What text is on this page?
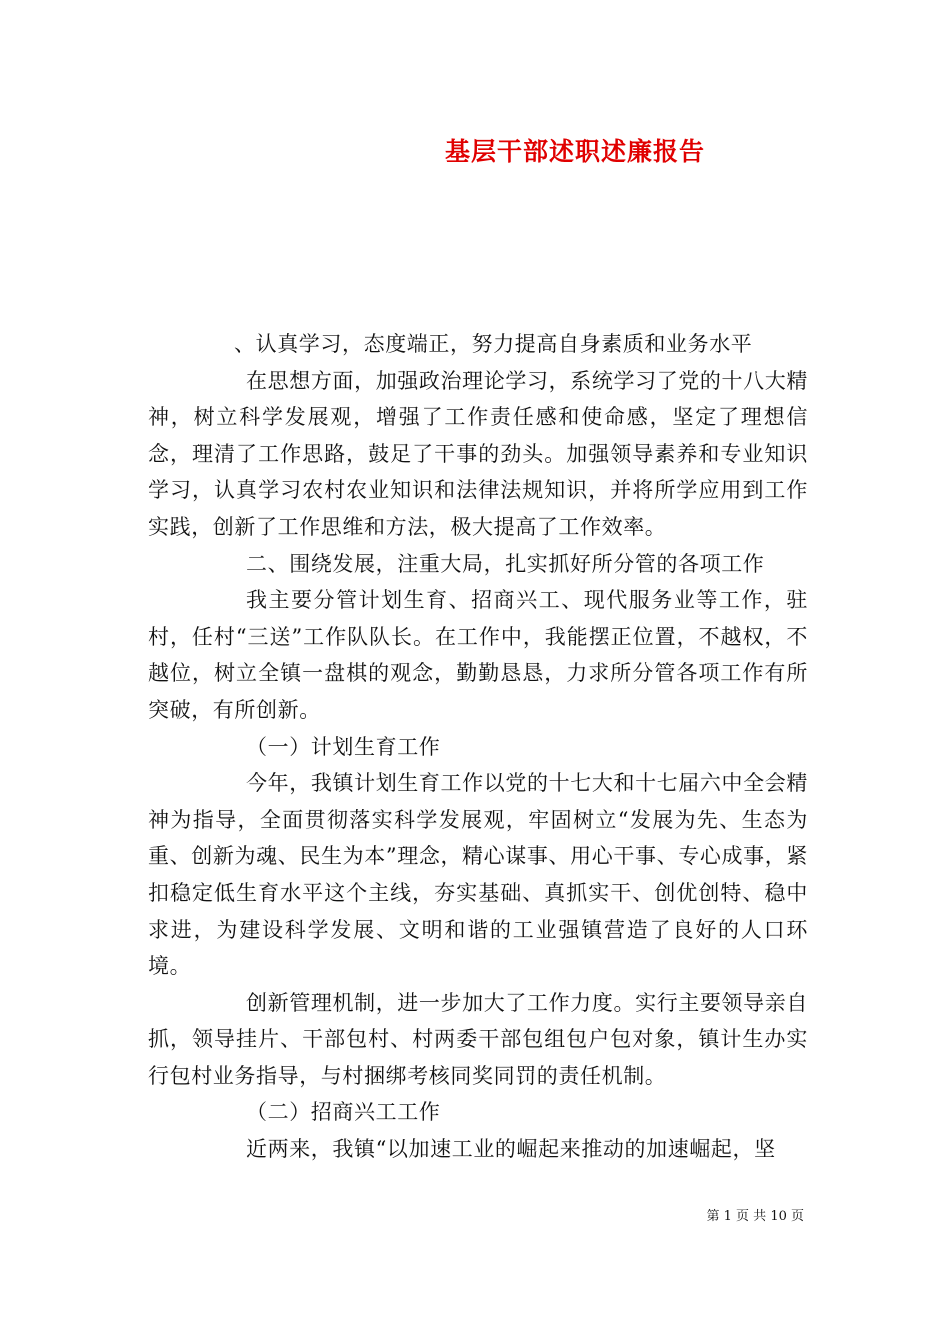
基层干部述职述廉报告

、认真学习，态度端正，努力提高自身素质和业务水平

在思想方面，加强政治理论学习，系统学习了党的十八大精神，树立科学发展观，增强了工作责任感和使命感，坚定了理想信念，理清了工作思路，鼓足了干事的劲头。加强领导素养和专业知识学习，认真学习农村农业知识和法律法规知识，并将所学应用到工作实践，创新了工作思维和方法，极大提高了工作效率。

二、围绕发展，注重大局，扎实抓好所分管的各项工作

我主要分管计划生育、招商兴工、现代服务业等工作，驻村，任村“三送”工作队队长。在工作中，我能摆正位置，不越权，不越位，树立全镇一盘棋的观念，勤勤恳恳，力求所分管各项工作有所突破，有所创新。

（一）计划生育工作

今年，我镇计划生育工作以党的十七大和十七届六中全会精神为指导，全面贯彻落实科学发展观，牢固树立“发展为先、生态为重、创新为魂、民生为本”理念，精心谋事、用心干事、专心成事，紧扣稳定低生育水平这个主线，夯实基础、真抓实干、创优创特、稳中求进，为建设科学发展、文明和谐的工业强镇营造了良好的人口环境。

创新管理机制，进一步加大了工作力度。实行主要领导亲自抓，领导挂片、干部包村、村两委干部包组包户包对象，镇计生办实行包村业务指导，与村捆绑考核同奖同罚的责任机制。

（二）招商兴工工作

近两来，我镇“以加速工业的崛起来推动的加速崛起，坚

第 1 页 共 10 页
